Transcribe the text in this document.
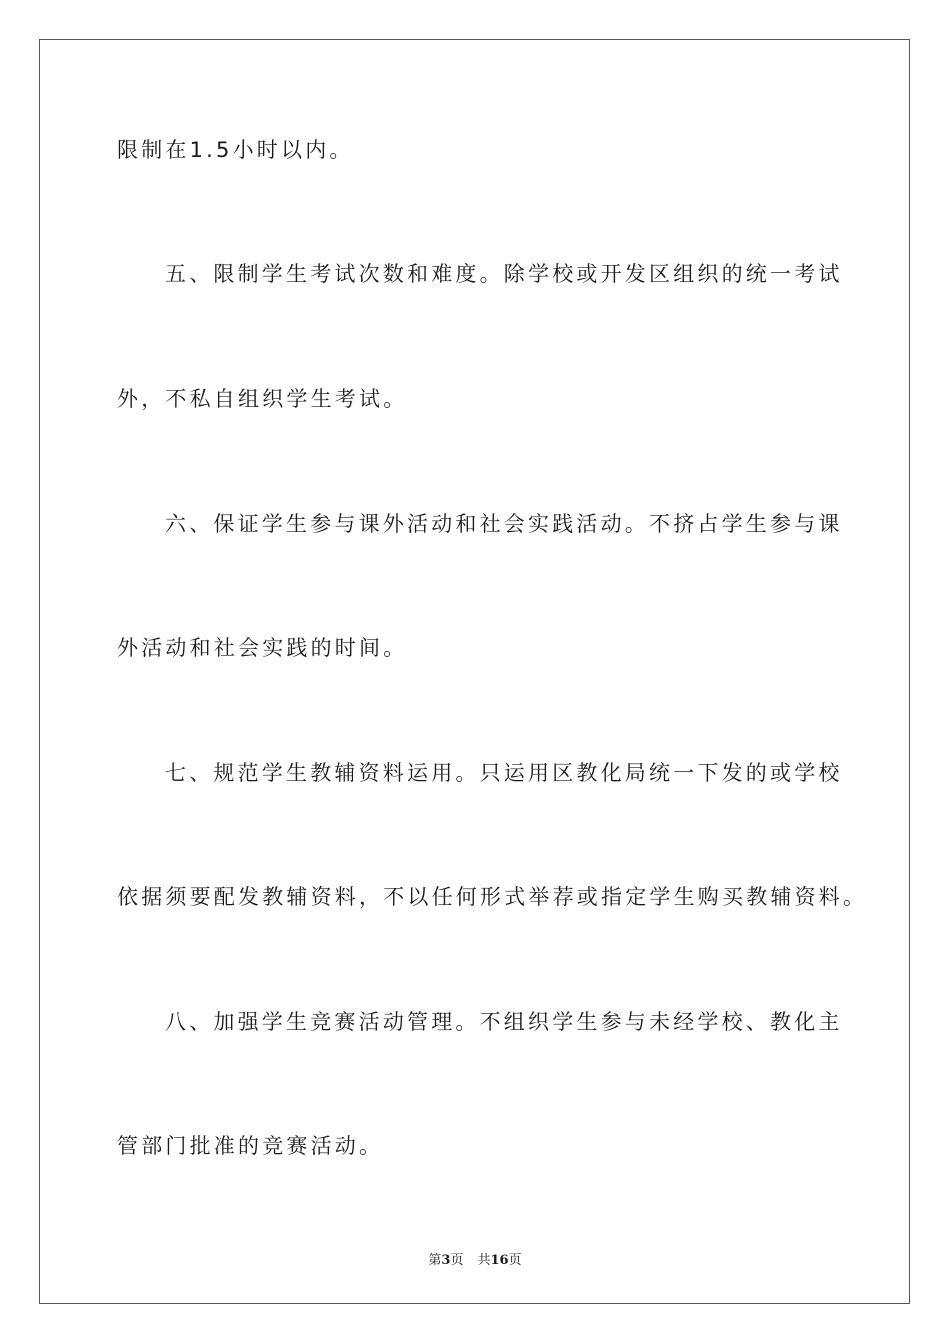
限制在1.5小时以内。
五、限制学生考试次数和难度。除学校或开发区组织的统一考试
外，不私自组织学生考试。
六、保证学生参与课外活动和社会实践活动。不挤占学生参与课
外活动和社会实践的时间。
七、规范学生教辅资料运用。只运用区教化局统一下发的或学校
依据须要配发教辅资料，不以任何形式举荐或指定学生购买教辅资料。
八、加强学生竞赛活动管理。不组织学生参与未经学校、教化主
管部门批准的竞赛活动。
第3页 共16页
